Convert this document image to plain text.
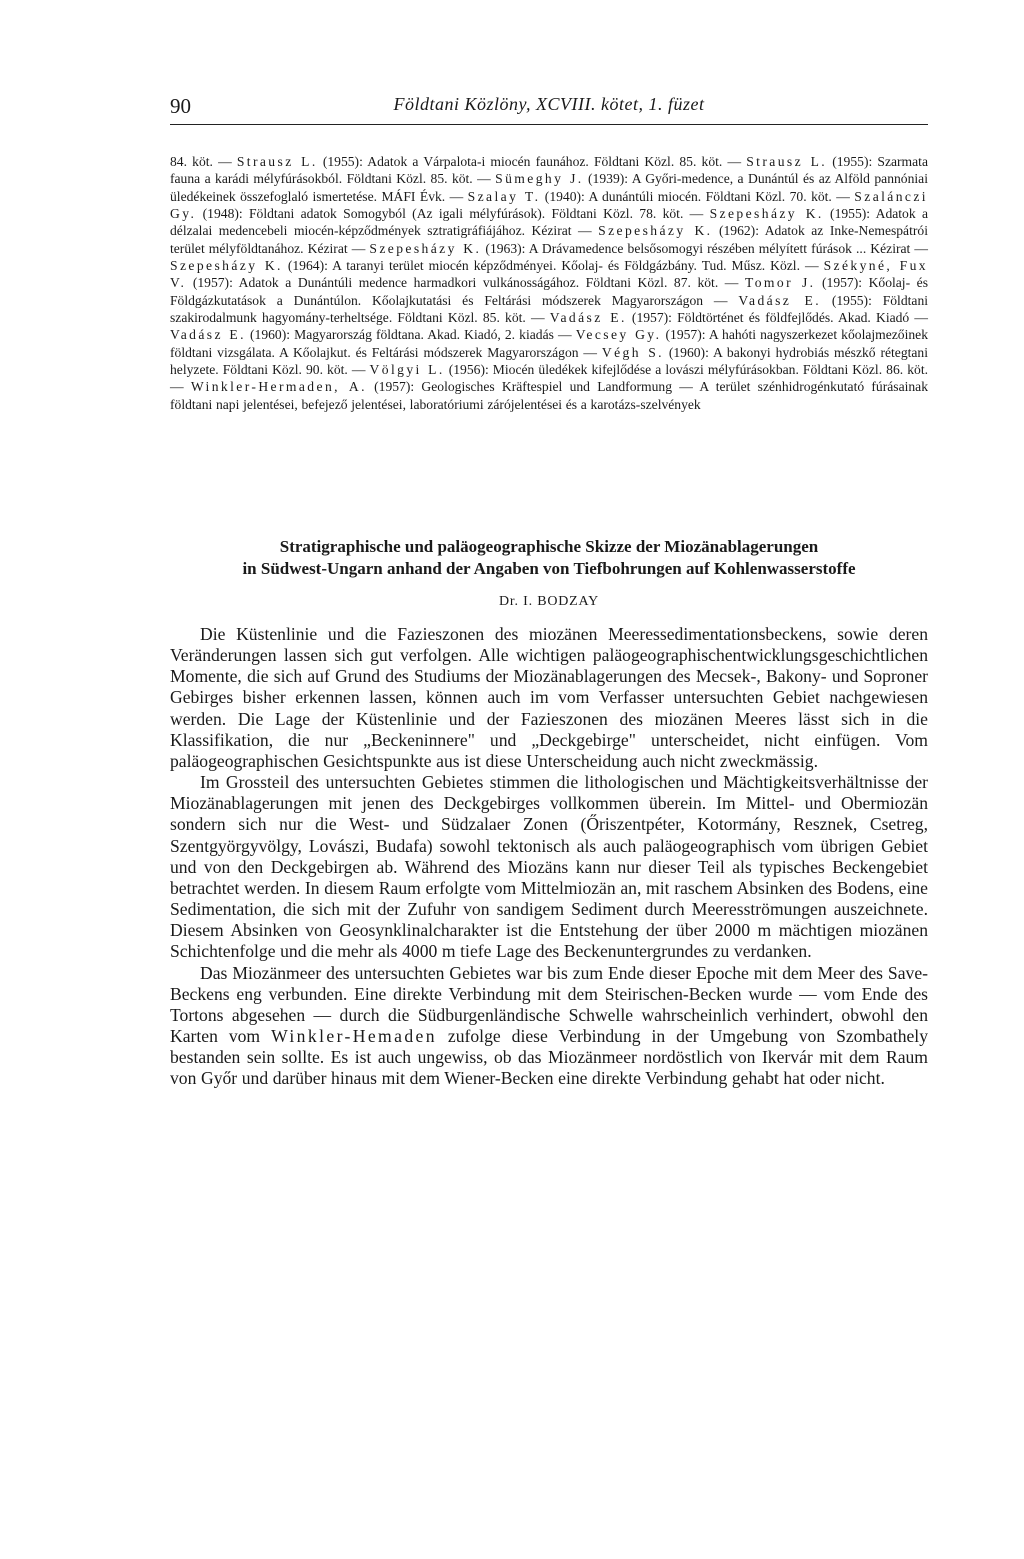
90	Földtani Közlöny, XCVIII. kötet, 1. füzet

84. köt. — Strausz L. (1955): Adatok a Várpalota-i miocén faunához. Földtani Közl. 85. köt. — Strausz L. (1955): Szarmata fauna a karádi mélyfúrásokból. Földtani Közl. 85. köt. — Sümeghy J. (1939): A Győri-medence, a Dunántúl és az Alföld pannóniai üledékeinek összefoglaló ismertetése. MÁFI Évk. — Szalay T. (1940): A dunántúli miocén. Földtani Közl. 70. köt. — Szalánczi Gy. (1948): Földtani adatok Somogyból (Az igali mélyfúrások). Földtani Közl. 78. köt. — Szepesházy K. (1955): Adatok a délzalai medencebeli miocén-képződmények sztratigráfiájához. Kézirat — Szepesházy K. (1962): Adatok az Inke-Nemespátrói terület mélyföldtanához. Kézirat — Szepesházy K. (1963): A Drávamedence belsősomogyi részében mélyített fúrások ... Kézirat — Szepesházy K. (1964): A taranyi terület miocén képződményei. Kőolaj- és Földgázbány. Tud. Műsz. Közl. — Székyné, Fux V. (1957): Adatok a Dunántúli medence harmadkori vulkánosságához. Földtani Közl. 87. köt. — Tomor J. (1957): Kőolaj- és Földgázkutatások a Dunántúlon. Kőolajkutatási és Feltárási módszerek Magyarországon — Vadász E. (1955): Földtani szakirodalmunk hagyomány-terheltsége. Földtani Közl. 85. köt. — Vadász E. (1957): Földtörténet és földfejlődés. Akad. Kiadó — Vadász E. (1960): Magyarország földtana. Akad. Kiadó, 2. kiadás — Vecsey Gy. (1957): A hahóti nagyszerkezet kőolajmezőinek földtani vizsgálata. A Kőolajkut. és Feltárási módszerek Magyarországon — Végh S. (1960): A bakonyi hydrobiás mészkő rétegtani helyzete. Földtani Közl. 90. köt. — Völgyi L. (1956): Miocén üledékek kifejlődése a lovászi mélyfúrásokban. Földtani Közl. 86. köt. — Winkler-Hermaden, A. (1957): Geologisches Kräftespiel und Landformung — A terület szénhidrogénkutató fúrásainak földtani napi jelentései, befejező jelentései, laboratóriumi zárójelentései és a karotázs-szelvények

Stratigraphische und paläogeographische Skizze der Miozänablagerungen
in Südwest-Ungarn anhand der Angaben von Tiefbohrungen auf Kohlenwasserstoffe
Dr. I. BODZAY

Die Küstenlinie und die Fazieszonen des miozänen Meeressedimentationsbeckens, sowie deren Veränderungen lassen sich gut verfolgen. Alle wichtigen paläogeographischentwicklungsgeschichtlichen Momente, die sich auf Grund des Studiums der Miozänablagerungen des Mecsek-, Bakony- und Soproner Gebirges bisher erkennen lassen, können auch im vom Verfasser untersuchten Gebiet nachgewiesen werden. Die Lage der Küstenlinie und der Fazieszonen des miozänen Meeres lässt sich in die Klassifikation, die nur „Beckeninnere" und „Deckgebirge" unterscheidet, nicht einfügen. Vom paläogeographischen Gesichtspunkte aus ist diese Unterscheidung auch nicht zweckmässig.

Im Grossteil des untersuchten Gebietes stimmen die lithologischen und Mächtigkeitsverhältnisse der Miozänablagerungen mit jenen des Deckgebirges vollkommen überein. Im Mittel- und Obermiozän sondern sich nur die West- und Südzalaer Zonen (Őriszentpéter, Kotormány, Resznek, Csetreg, Szentgyörgyvölgy, Lovászi, Budafa) sowohl tektonisch als auch paläogeographisch vom übrigen Gebiet und von den Deckgebirgen ab. Während des Miozäns kann nur dieser Teil als typisches Beckengebiet betrachtet werden. In diesem Raum erfolgte vom Mittelmiozän an, mit raschem Absinken des Bodens, eine Sedimentation, die sich mit der Zufuhr von sandigem Sediment durch Meeresströmungen auszeichnete. Diesem Absinken von Geosynklinalcharakter ist die Entstehung der über 2000 m mächtigen miozänen Schichtenfolge und die mehr als 4000 m tiefe Lage des Beckenuntergrundes zu verdanken.

Das Miozänmeer des untersuchten Gebietes war bis zum Ende dieser Epoche mit dem Meer des Save-Beckens eng verbunden. Eine direkte Verbindung mit dem Steirischen-Becken wurde — vom Ende des Tortons abgesehen — durch die Südburgenländische Schwelle wahrscheinlich verhindert, obwohl den Karten vom Winkler-Hemaden zufolge diese Verbindung in der Umgebung von Szombathely bestanden sein sollte. Es ist auch ungewiss, ob das Miozänmeer nordöstlich von Ikervár mit dem Raum von Győr und darüber hinaus mit dem Wiener-Becken eine direkte Verbindung gehabt hat oder nicht.
